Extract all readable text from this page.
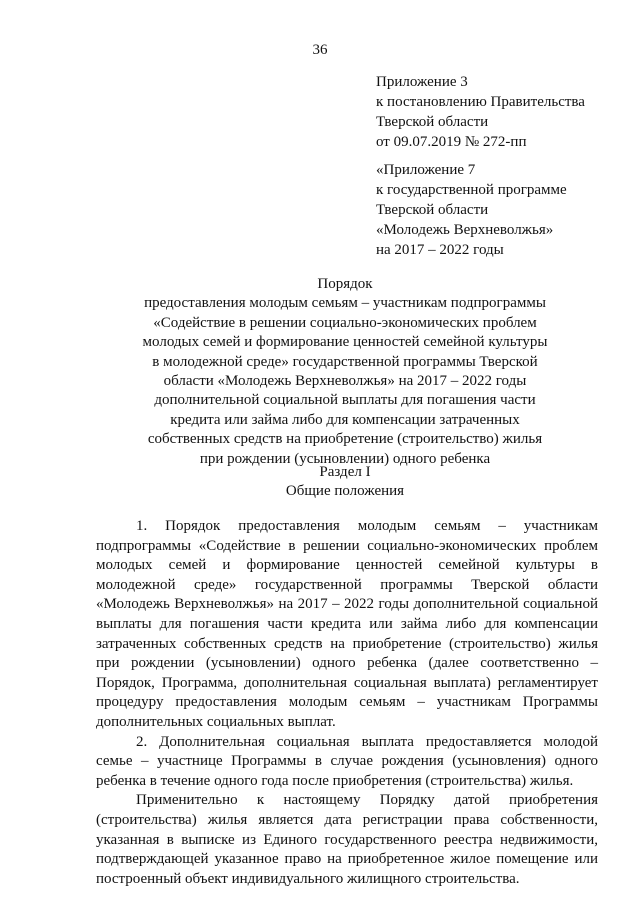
36
Приложение 3
к постановлению Правительства
Тверской области
от 09.07.2019 № 272-пп
«Приложение 7
к государственной программе
Тверской области
«Молодежь Верхневолжья»
на 2017 – 2022 годы
Порядок
предоставления молодым семьям – участникам подпрограммы
«Содействие в решении социально-экономических проблем
молодых семей и формирование ценностей семейной культуры
в молодежной среде» государственной программы Тверской
области «Молодежь Верхневолжья» на 2017 – 2022 годы
дополнительной социальной выплаты для погашения части
кредита или займа либо для компенсации затраченных
собственных средств на приобретение (строительство) жилья
при рождении (усыновлении) одного ребенка
Раздел I
Общие положения
1. Порядок предоставления молодым семьям – участникам
подпрограммы «Содействие в решении социально-экономических проблем
молодых семей и формирование ценностей семейной культуры в
молодежной среде» государственной программы Тверской области
«Молодежь Верхневолжья» на 2017 – 2022 годы дополнительной социальной
выплаты для погашения части кредита или займа либо для компенсации
затраченных собственных средств на приобретение (строительство) жилья
при рождении (усыновлении) одного ребенка (далее соответственно –
Порядок, Программа, дополнительная социальная выплата) регламентирует
процедуру предоставления молодым семьям – участникам Программы
дополнительных социальных выплат.
2. Дополнительная социальная выплата предоставляется молодой
семье – участнице Программы в случае рождения (усыновления) одного
ребенка в течение одного года после приобретения (строительства) жилья.
Применительно к настоящему Порядку датой приобретения
(строительства) жилья является дата регистрации права собственности,
указанная в выписке из Единого государственного реестра недвижимости,
подтверждающей указанное право на приобретенное жилое помещение или
построенный объект индивидуального жилищного строительства.
